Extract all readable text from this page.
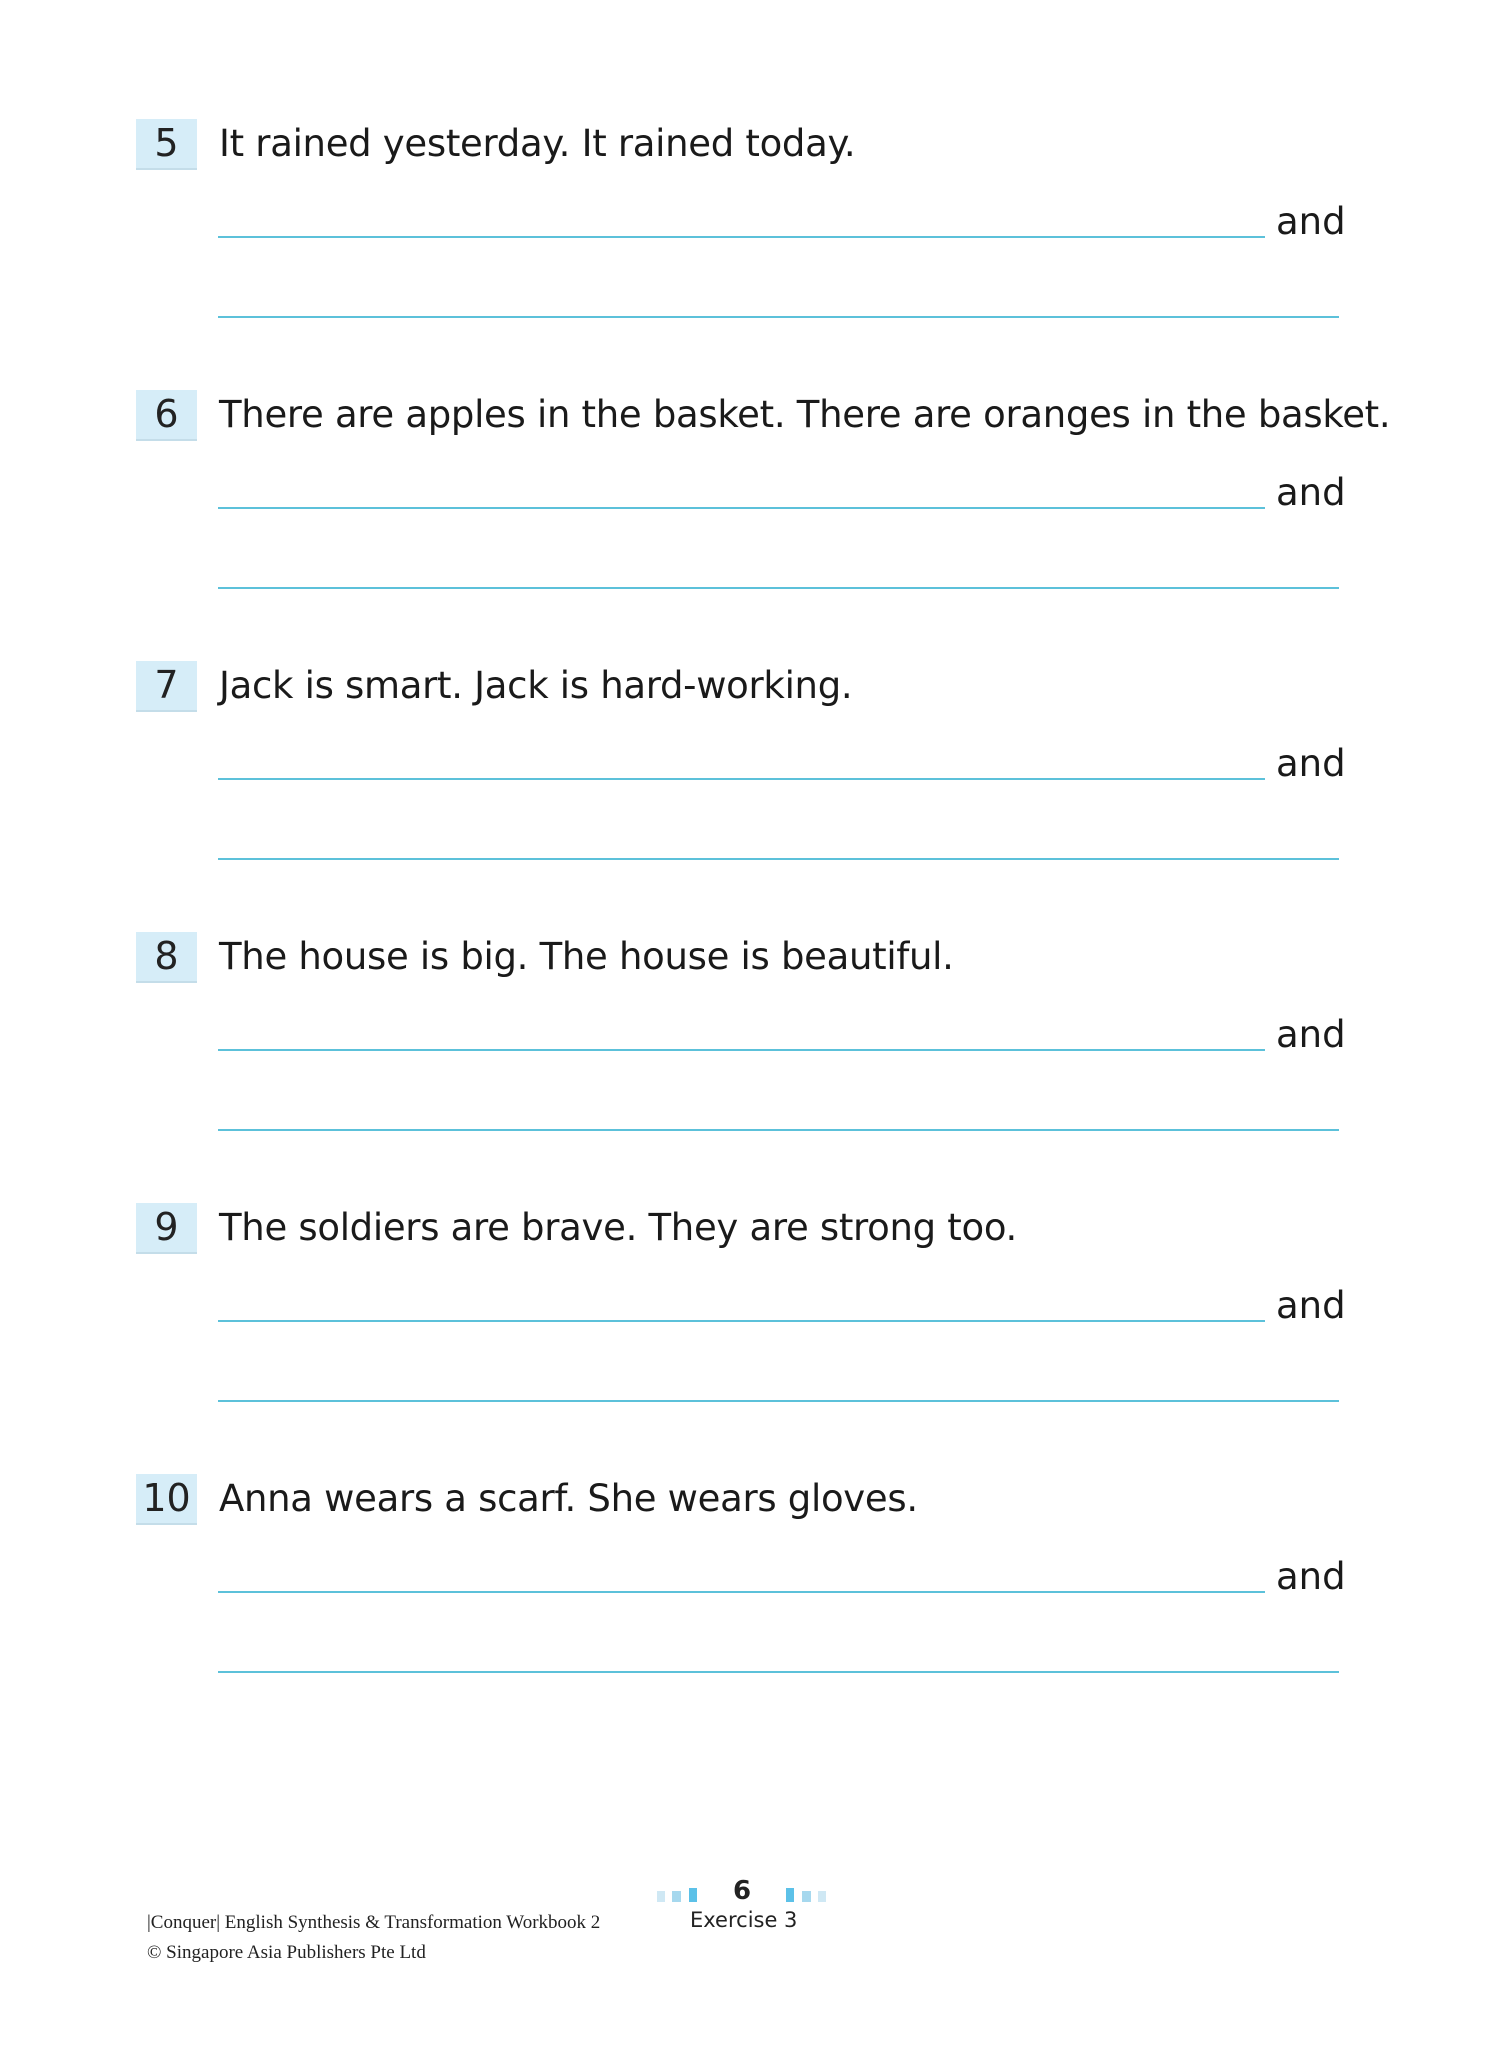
5	It rained yesterday. It rained today.
and
6	There are apples in the basket. There are oranges in the basket.
and
7	Jack is smart. Jack is hard-working.
and
8	The house is big. The house is beautiful.
and
9	The soldiers are brave. They are strong too.
and
10 Anna wears a scarf. She wears gloves.
and
|Conquer| English Synthesis & Transformation Workbook 2
© Singapore Asia Publishers Pte Ltd
6
Exercise 3
